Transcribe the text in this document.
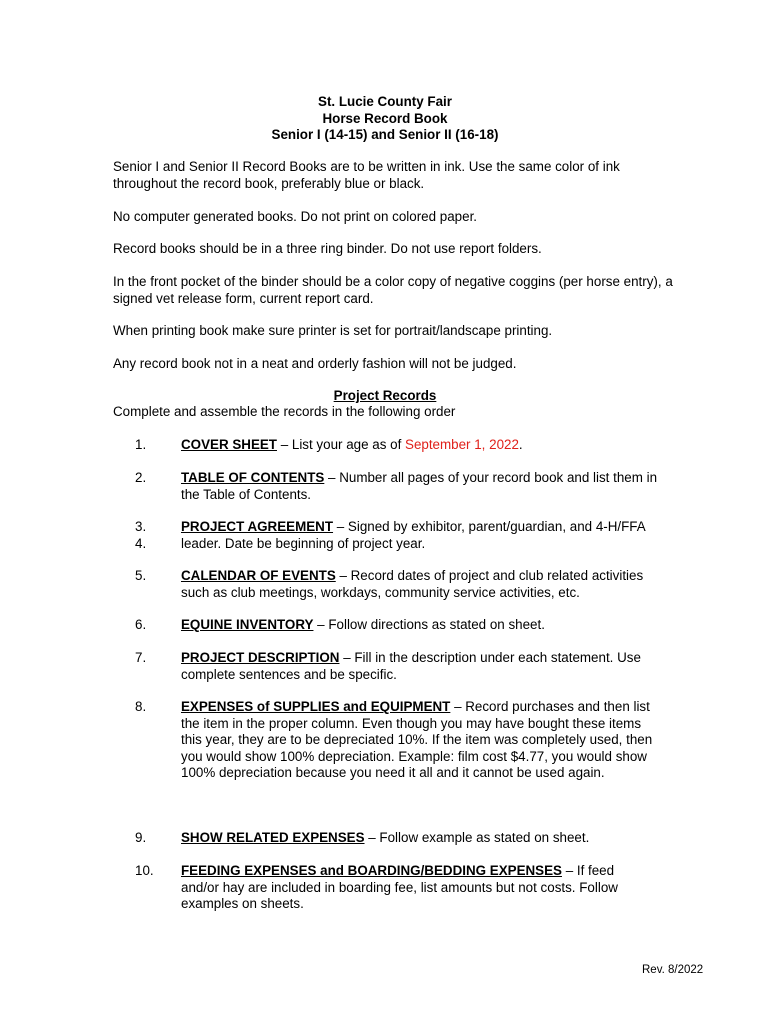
St. Lucie County Fair
Horse Record Book
Senior I (14-15) and Senior II (16-18)

Senior I and Senior II Record Books are to be written in ink. Use the same color of ink throughout the record book, preferably blue or black.

No computer generated books. Do not print on colored paper.

Record books should be in a three ring binder. Do not use report folders.

In the front pocket of the binder should be a color copy of negative coggins (per horse entry), a signed vet release form, current report card.

When printing book make sure printer is set for portrait/landscape printing.

Any record book not in a neat and orderly fashion will not be judged.

Project Records

Complete and assemble the records in the following order

1.	COVER SHEET – List your age as of September 1, 2022.
2.	TABLE OF CONTENTS – Number all pages of your record book and list them in the Table of Contents.
3.
4.
PROJECT AGREEMENT – Signed by exhibitor, parent/guardian, and 4-H/FFA leader. Date be beginning of project year.
5.	CALENDAR OF EVENTS – Record dates of project and club related activities such as club meetings, workdays, community service activities, etc.
6.	EQUINE INVENTORY – Follow directions as stated on sheet.
7.	PROJECT DESCRIPTION – Fill in the description under each statement. Use complete sentences and be specific.
8.	EXPENSES of SUPPLIES and EQUIPMENT – Record purchases and then list the item in the proper column. Even though you may have bought these items this year, they are to be depreciated 10%. If the item was completely used, then you would show 100% depreciation. Example: film cost $4.77, you would show 100% depreciation because you need it all and it cannot be used again.
9.	SHOW RELATED EXPENSES – Follow example as stated on sheet.
10.	FEEDING EXPENSES and BOARDING/BEDDING EXPENSES – If feed and/or hay are included in boarding fee, list amounts but not costs. Follow examples on sheets.
Rev. 8/2022
